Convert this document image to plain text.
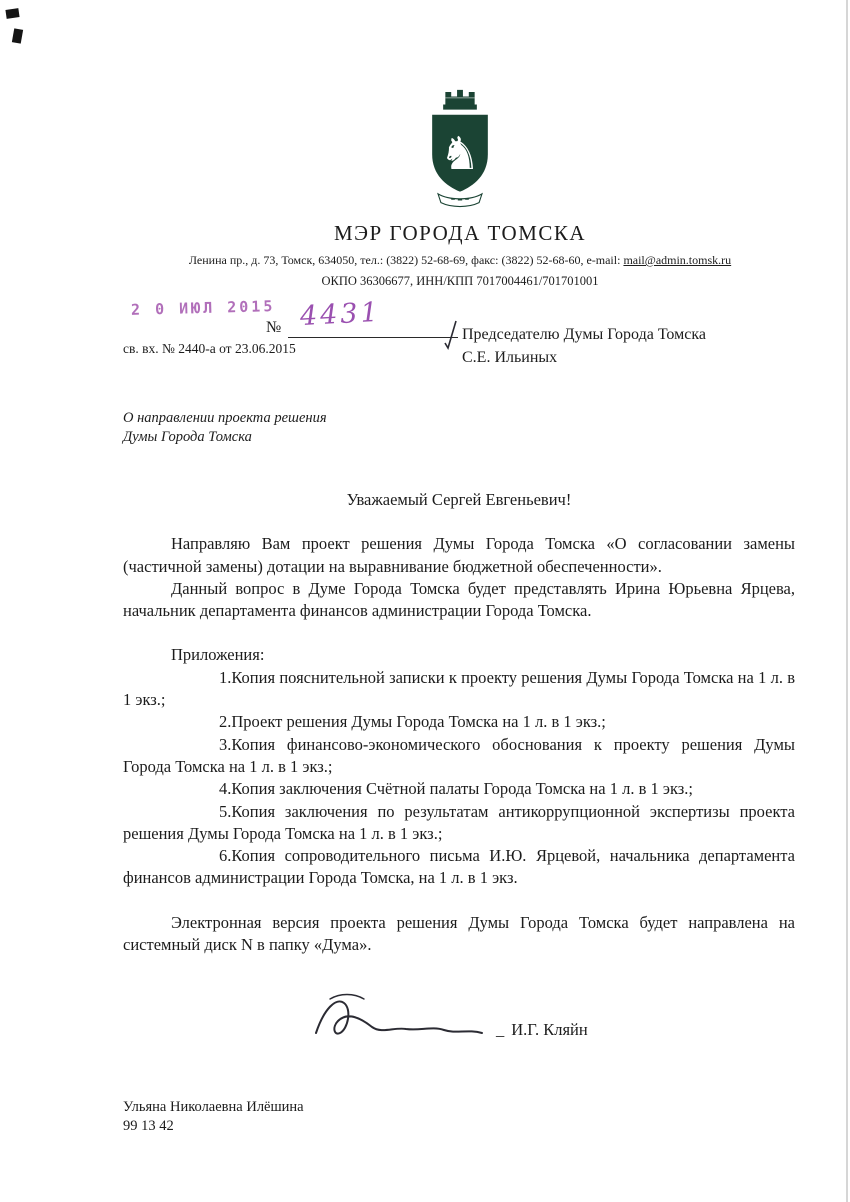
♞
МЭР ГОРОДА ТОМСКА
Ленина пр., д. 73, Томск, 634050, тел.: (3822) 52-68-69, факс: (3822) 52-68-60, e-mail: mail@admin.tomsk.ru
ОКПО 36306677, ИНН/КПП 7017004461/701701001
2 0 ИЮЛ 2015
№ 4431
св. вх. № 2440-а от 23.06.2015
Председателю Думы Города Томска
С.Е. Ильиных
О направлении проекта решения
Думы Города Томска
Уважаемый Сергей Евгеньевич!

Направляю Вам проект решения Думы Города Томска «О согласовании замены (частичной замены) дотации на выравнивание бюджетной обеспеченности».

Данный вопрос в Думе Города Томска будет представлять Ирина Юрьевна Ярцева, начальник департамента финансов администрации Города Томска.

Приложения:

1.Копия пояснительной записки к проекту решения Думы Города Томска на 1 л. в 1 экз.;

2.Проект решения Думы Города Томска на 1 л. в 1 экз.;

3.Копия финансово-экономического обоснования к проекту решения Думы Города Томска на 1 л. в 1 экз.;

4.Копия заключения Счётной палаты Города Томска на 1 л. в 1 экз.;

5.Копия заключения по результатам антикоррупционной экспертизы проекта решения Думы Города Томска на 1 л. в 1 экз.;

6.Копия сопроводительного письма И.Ю. Ярцевой, начальника департамента финансов администрации Города Томска, на 1 л. в 1 экз.

Электронная версия проекта решения Думы Города Томска будет направлена на системный диск N в папку «Дума».

_ И.Г. Кляйн
Ульяна Николаевна Илёшина
99 13 42
